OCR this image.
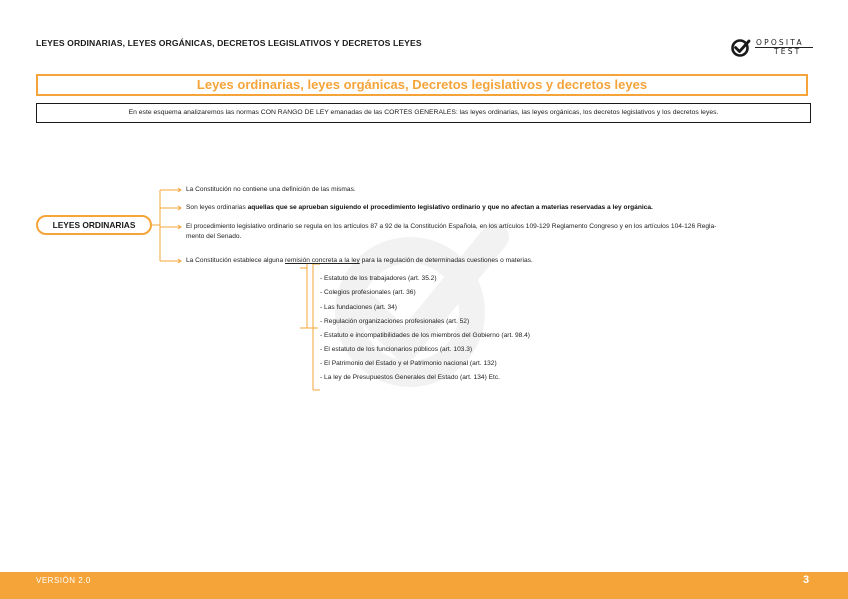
LEYES ORDINARIAS, LEYES ORGÁNICAS, DECRETOS LEGISLATIVOS Y DECRETOS LEYES	OPOSITA
TEST
Leyes ordinarias, leyes orgánicas, Decretos legislativos y decretos leyes
En este esquema analizaremos las normas CON RANGO DE LEY emanadas de las CORTES GENERALES: las leyes ordinarias, las leyes orgánicas, los decretos legislativos y los decretos leyes.
LEYES ORDINARIAS
La Constitución no contiene una definición de las mismas.
Son leyes ordinarias aquellas que se aprueban siguiendo el procedimiento legislativo ordinario y que no afectan a materias reservadas a ley orgánica.
El procedimiento legislativo ordinario se regula en los artículos 87 a 92 de la Constitución Española, en los artículos 109-129 Reglamento Congreso y en los artículos 104-126 Regla-
mento del Senado.
La Constitución establece alguna remisión concreta a la ley para la regulación de determinadas cuestiones o materias.
- Estatuto de los trabajadores (art. 35.2)
- Colegios profesionales (art. 36)
- Las fundaciones (art. 34)
- Regulación organizaciones profesionales (art. 52)
- Estatuto e incompatibilidades de los miembros del Gobierno (art. 98.4)
- El estatuto de los funcionarios públicos (art. 103.3)
- El Patrimonio del Estado y el Patrimonio nacional (art. 132)
- La ley de Presupuestos Generales del Estado (art. 134) Etc.
VERSIÓN 2.0	3
